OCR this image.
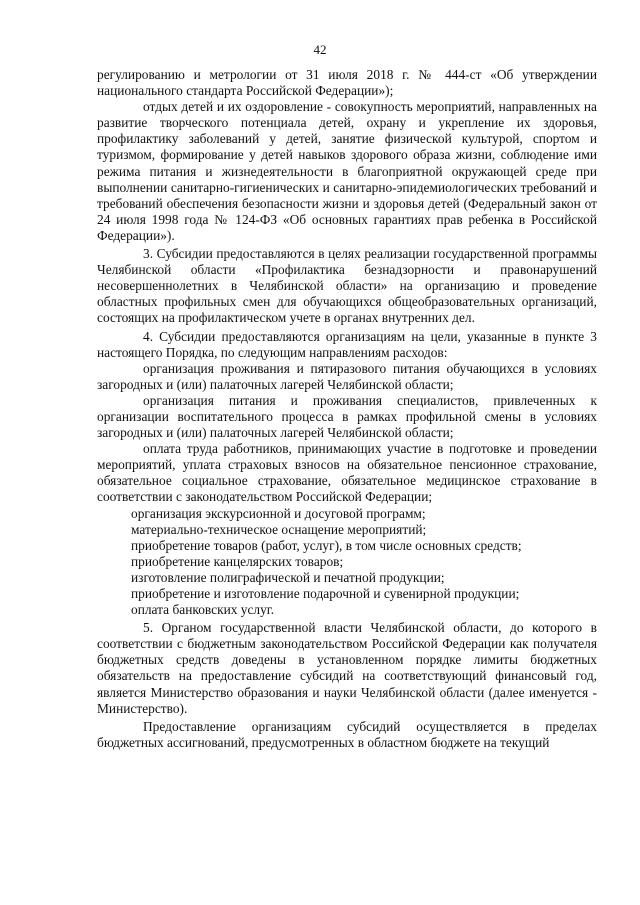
42

регулированию и метрологии от 31 июля 2018 г. № 444-ст «Об утверждении национального стандарта Российской Федерации»);

отдых детей и их оздоровление - совокупность мероприятий, направленных на развитие творческого потенциала детей, охрану и укрепление их здоровья, профилактику заболеваний у детей, занятие физической культурой, спортом и туризмом, формирование у детей навыков здорового образа жизни, соблюдение ими режима питания и жизнедеятельности в благоприятной окружающей среде при выполнении санитарно-гигиенических и санитарно-эпидемиологических требований и требований обеспечения безопасности жизни и здоровья детей (Федеральный закон от 24 июля 1998 года № 124-ФЗ «Об основных гарантиях прав ребенка в Российской Федерации»).

3. Субсидии предоставляются в целях реализации государственной программы Челябинской области «Профилактика безнадзорности и правонарушений несовершеннолетних в Челябинской области» на организацию и проведение областных профильных смен для обучающихся общеобразовательных организаций, состоящих на профилактическом учете в органах внутренних дел.

4. Субсидии предоставляются организациям на цели, указанные в пункте 3 настоящего Порядка, по следующим направлениям расходов:

организация проживания и пятиразового питания обучающихся в условиях загородных и (или) палаточных лагерей Челябинской области;

организация питания и проживания специалистов, привлеченных к организации воспитательного процесса в рамках профильной смены в условиях загородных и (или) палаточных лагерей Челябинской области;

оплата труда работников, принимающих участие в подготовке и проведении мероприятий, уплата страховых взносов на обязательное пенсионное страхование, обязательное социальное страхование, обязательное медицинское страхование в соответствии с законодательством Российской Федерации;

организация экскурсионной и досуговой программ;

материально-техническое оснащение мероприятий;

приобретение товаров (работ, услуг), в том числе основных средств;

приобретение канцелярских товаров;

изготовление полиграфической и печатной продукции;

приобретение и изготовление подарочной и сувенирной продукции;

оплата банковских услуг.

5. Органом государственной власти Челябинской области, до которого в соответствии с бюджетным законодательством Российской Федерации как получателя бюджетных средств доведены в установленном порядке лимиты бюджетных обязательств на предоставление субсидий на соответствующий финансовый год, является Министерство образования и науки Челябинской области (далее именуется - Министерство).

Предоставление организациям субсидий осуществляется в пределах бюджетных ассигнований, предусмотренных в областном бюджете на текущий
